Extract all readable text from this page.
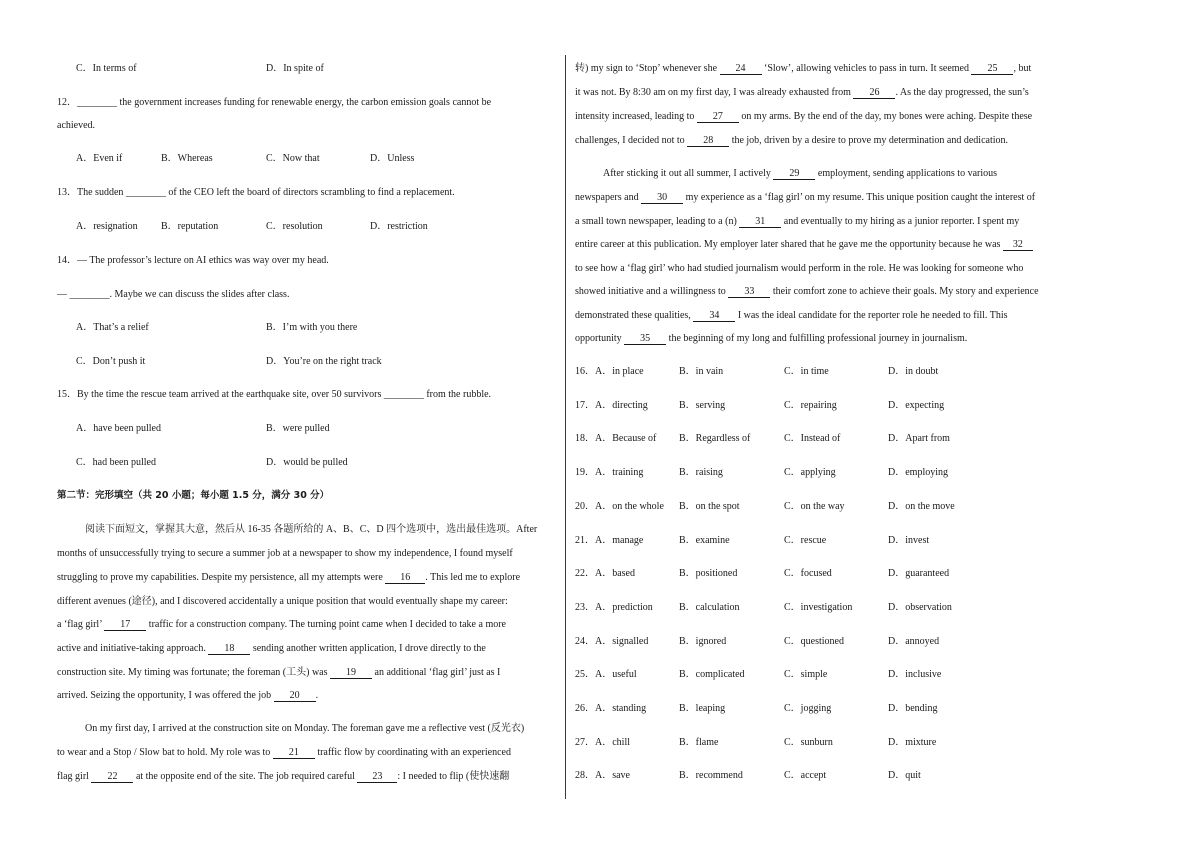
C．In terms of	D．In spite of
12．________ the government increases funding for renewable energy, the carbon emission goals cannot be
achieved.
A．Even if	B．Whereas	C．Now that	D．Unless
13．The sudden ________ of the CEO left the board of directors scrambling to find a replacement.
A．resignation B．reputation	C．resolution	D．restriction
14．— The professor’s lecture on AI ethics was way over my head.
— ________. Maybe we can discuss the slides after class.
A．That’s a relief	B．I’m with you there
C．Don’t push it	D．You’re on the right track
15．By the time the rescue team arrived at the earthquake site, over 50 survivors ________ from the rubble.
A．have been pulled	B．were pulled
C．had been pulled	D．would be pulled
第二节：完形填空（共 20 小题；每小题 1.5 分，满分 30 分）
阅读下面短文，掌握其大意，然后从 16-35 各题所给的 A、B、C、D 四个选项中，选出最佳选项。After
months of unsuccessfully trying to secure a summer job at a newspaper to show my independence, I found myself
struggling to prove my capabilities. Despite my persistence, all my attempts were 16 . This led me to explore
different avenues (途径), and I discovered accidentally a unique position that would eventually shape my career:
a ‘flag girl’ 17 traffic for a construction company. The turning point came when I decided to take a more
active and initiative-taking approach. 18 sending another written application, I drove directly to the
construction site. My timing was fortunate; the foreman (工头) was 19 an additional ‘flag girl’ just as I
arrived. Seizing the opportunity, I was offered the job 20 .
On my first day, I arrived at the construction site on Monday. The foreman gave me a reflective vest (反光衣)
to wear and a Stop / Slow bat to hold. My role was to 21 traffic flow by coordinating with an experienced
flag girl 22 at the opposite end of the site. The job required careful 23 : I needed to flip (使快速翻
转) my sign to ‘Stop’ whenever she 24 ‘Slow’, allowing vehicles to pass in turn. It seemed 25 , but
it was not. By 8:30 am on my first day, I was already exhausted from 26 . As the day progressed, the sun’s
intensity increased, leading to 27 on my arms. By the end of the day, my bones were aching. Despite these
challenges, I decided not to 28 the job, driven by a desire to prove my determination and dedication.
After sticking it out all summer, I actively 29 employment, sending applications to various
newspapers and 30 my experience as a ‘flag girl’ on my resume. This unique position caught the interest of
a small town newspaper, leading to a (n) 31 and eventually to my hiring as a junior reporter. I spent my
entire career at this publication. My employer later shared that he gave me the opportunity because he was 32
to see how a ‘flag girl’ who had studied journalism would perform in the role. He was looking for someone who
showed initiative and a willingness to 33 their comfort zone to achieve their goals. My story and experience
demonstrated these qualities, 34 I was the ideal candidate for the reporter role he needed to fill. This
opportunity 35 the beginning of my long and fulfilling professional journey in journalism.
16．A．in place	B．in vain	C．in time	D．in doubt
17．A．directing	B．serving	C．repairing	D．expecting
18．A．Because of B．Regardless of	C．Instead of	D．Apart from
19．A．training	B．raising	C．applying	D．employing
20．A．on the whole B．on the spot	C．on the way	D．on the move
21．A．manage	B．examine	C．rescue	D．invest
22．A．based	B．positioned	C．focused	D．guaranteed
23．A．prediction	B．calculation	C．investigation	D．observation
24．A．signalled	B．ignored	C．questioned	D．annoyed
25．A．useful	B．complicated	C．simple	D．inclusive
26．A．standing	B．leaping	C．jogging	D．bending
27．A．chill	B．flame	C．sunburn	D．mixture
28．A．save	B．recommend	C．accept	D．quit
